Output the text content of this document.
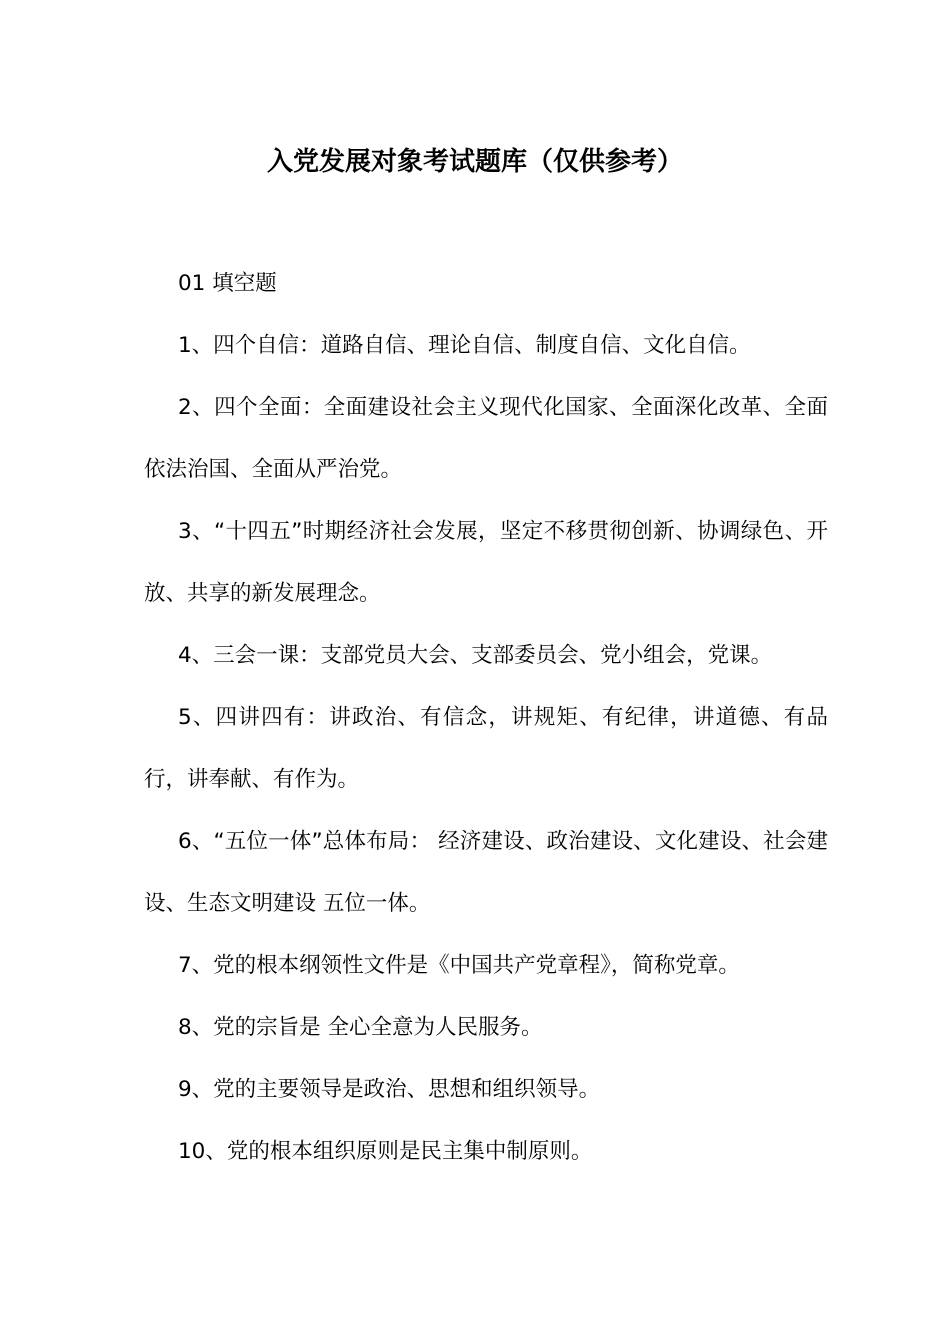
入党发展对象考试题库（仅供参考）

01 填空题

1、四个自信：道路自信、理论自信、制度自信、文化自信。

2、四个全面：全面建设社会主义现代化国家、全面深化改革、全面依法治国、全面从严治党。

3、“十四五”时期经济社会发展，坚定不移贯彻创新、协调绿色、开放、共享的新发展理念。

4、三会一课：支部党员大会、支部委员会、党小组会，党课。

5、四讲四有：讲政治、有信念，讲规矩、有纪律，讲道德、有品行，讲奉献、有作为。

6、“五位一体”总体布局： 经济建设、政治建设、文化建设、社会建设、生态文明建设 五位一体。

7、党的根本纲领性文件是《中国共产党章程》，简称党章。

8、党的宗旨是 全心全意为人民服务。

9、党的主要领导是政治、思想和组织领导。

10、党的根本组织原则是民主集中制原则。
